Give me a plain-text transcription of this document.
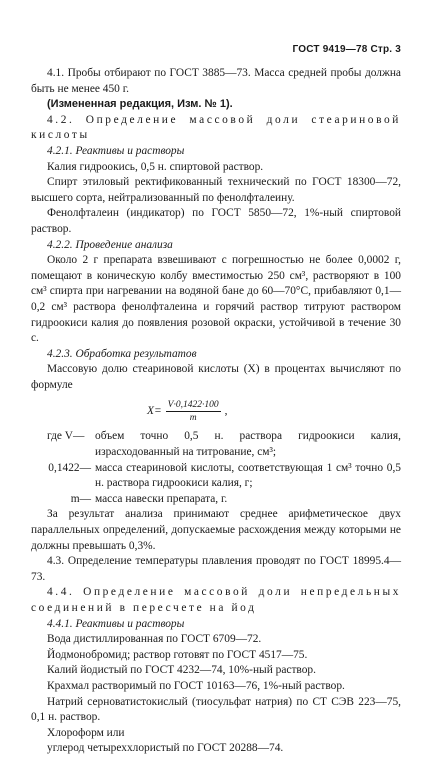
ГОСТ 9419—78 Стр. 3

4.1. Пробы отбирают по ГОСТ 3885—73. Масса средней пробы должна быть не менее 450 г.

(Измененная редакция, Изм. № 1).

4.2. Определение массовой доли стеариновой кислоты

4.2.1. Реактивы и растворы

Калия гидроокись, 0,5 н. спиртовой раствор.

Спирт этиловый ректификованный технический по ГОСТ 18300—72, высшего сорта, нейтрализованный по фенолфталеину.

Фенолфталеин (индикатор) по ГОСТ 5850—72, 1%-ный спиртовой раствор.

4.2.2. Проведение анализа

Около 2 г препарата взвешивают с погрешностью не более 0,0002 г, помещают в коническую колбу вместимостью 250 см³, растворяют в 100 см³ спирта при нагревании на водяной бане до 60—70°С, прибавляют 0,1—0,2 см³ раствора фенолфталеина и горячий раствор титруют раствором гидроокиси калия до появления розовой окраски, устойчивой в течение 30 с.

4.2.3. Обработка результатов

Массовую долю стеариновой кислоты (X) в процентах вычисляют по формуле

$X= \frac{V\cdot 0,1422\cdot 100}{m}$ ,
где V— объем точно 0,5 н. раствора гидроокиси калия, израсходованный на титрование, см³;
0,1422— масса стеариновой кислоты, соответствующая 1 см³ точно 0,5 н. раствора гидроокиси калия, г;
m— масса навески препарата, г.

За результат анализа принимают среднее арифметическое двух параллельных определений, допускаемые расхождения между которыми не должны превышать 0,3%.

4.3. Определение температуры плавления проводят по ГОСТ 18995.4—73.

4.4. Определение массовой доли непредельных соединений в пересчете на йод

4.4.1. Реактивы и растворы

Вода дистиллированная по ГОСТ 6709—72.

Йодмонобромид; раствор готовят по ГОСТ 4517—75.

Калий йодистый по ГОСТ 4232—74, 10%-ный раствор.

Крахмал растворимый по ГОСТ 10163—76, 1%-ный раствор.

Натрий серноватистокислый (тиосульфат натрия) по СТ СЭВ 223—75, 0,1 н. раствор.

Хлороформ или

углерод четыреххлористый по ГОСТ 20288—74.
